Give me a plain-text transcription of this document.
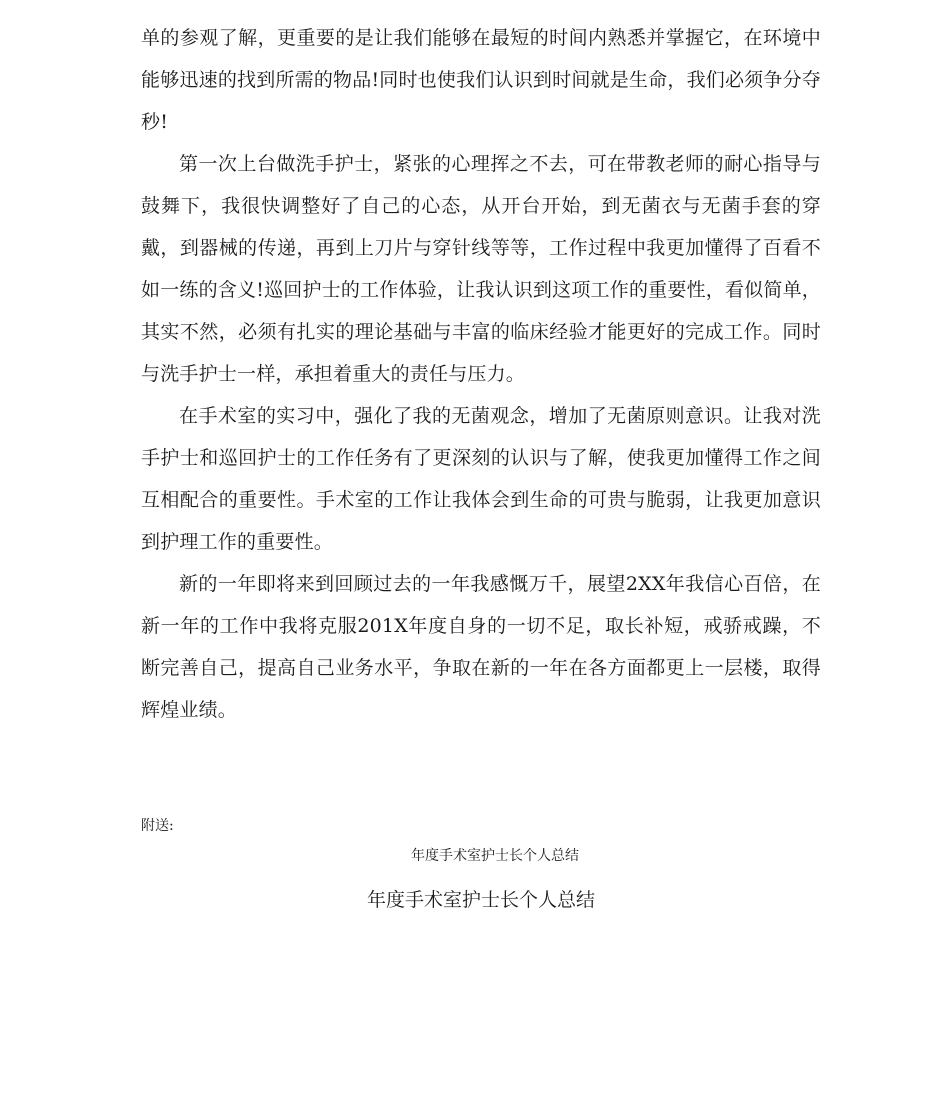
单的参观了解，更重要的是让我们能够在最短的时间内熟悉并掌握它，在环境中能够迅速的找到所需的物品!同时也使我们认识到时间就是生命，我们必须争分夺秒!

第一次上台做洗手护士，紧张的心理挥之不去，可在带教老师的耐心指导与鼓舞下，我很快调整好了自己的心态，从开台开始，到无菌衣与无菌手套的穿戴，到器械的传递，再到上刀片与穿针线等等，工作过程中我更加懂得了百看不如一练的含义!巡回护士的工作体验，让我认识到这项工作的重要性，看似简单，其实不然，必须有扎实的理论基础与丰富的临床经验才能更好的完成工作。同时与洗手护士一样，承担着重大的责任与压力。

在手术室的实习中，强化了我的无菌观念，增加了无菌原则意识。让我对洗手护士和巡回护士的工作任务有了更深刻的认识与了解，使我更加懂得工作之间互相配合的重要性。手术室的工作让我体会到生命的可贵与脆弱，让我更加意识到护理工作的重要性。

新的一年即将来到回顾过去的一年我感慨万千，展望2XX年我信心百倍，在新一年的工作中我将克服201X年度自身的一切不足，取长补短，戒骄戒躁，不断完善自己，提高自己业务水平，争取在新的一年在各方面都更上一层楼，取得辉煌业绩。

附送:
年度手术室护士长个人总结
年度手术室护士长个人总结
